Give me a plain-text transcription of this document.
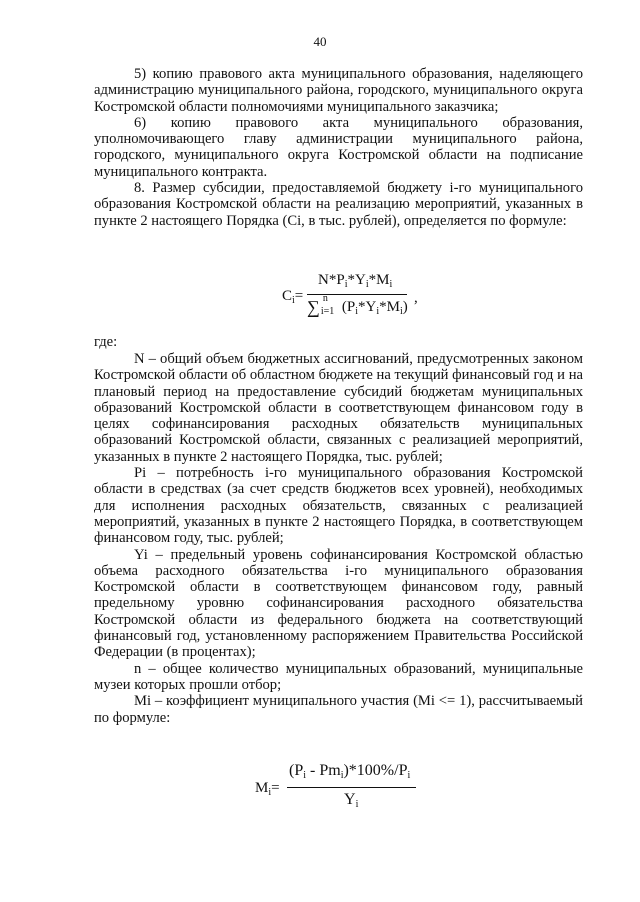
40

5) копию правового акта муниципального образования, наделяющего администрацию муниципального района, городского, муниципального округа Костромской области полномочиями муниципального заказчика;

6) копию правового акта муниципального образования, уполномочивающего главу администрации муниципального района, городского, муниципального округа Костромской области на подписание муниципального контракта.

8. Размер субсидии, предоставляемой бюджету i-го муниципального образования Костромской области на реализацию мероприятий, указанных в пункте 2 настоящего Порядка (Ci, в тыс. рублей), определяется по формуле:

$C_i=$
$N*P_i*Y_i*M_i$
∑ n
i=1 $(P_i*Y_i*M_i)$
,

где:

N – общий объем бюджетных ассигнований, предусмотренных законом Костромской области об областном бюджете на текущий финансовый год и на плановый период на предоставление субсидий бюджетам муниципальных образований Костромской области в соответствующем финансовом году в целях софинансирования расходных обязательств муниципальных образований Костромской области, связанных с реализацией мероприятий, указанных в пункте 2 настоящего Порядка, тыс. рублей;

Pi – потребность i-го муниципального образования Костромской области в средствах (за счет средств бюджетов всех уровней), необходимых для исполнения расходных обязательств, связанных с реализацией мероприятий, указанных в пункте 2 настоящего Порядка, в соответствующем финансовом году, тыс. рублей;

Yi – предельный уровень софинансирования Костромской областью объема расходного обязательства i-го муниципального образования Костромской области в соответствующем финансовом году, равный предельному уровню софинансирования расходного обязательства Костромской области из федерального бюджета на соответствующий финансовый год, установленному распоряжением Правительства Российской Федерации (в процентах);

n – общее количество муниципальных образований, муниципальные музеи которых прошли отбор;

Mi – коэффициент муниципального участия (Mi <= 1), рассчитываемый по формуле:

$M_i=$
$(P_i - Pm_i)*100\%/P_i$
$Y_i$
